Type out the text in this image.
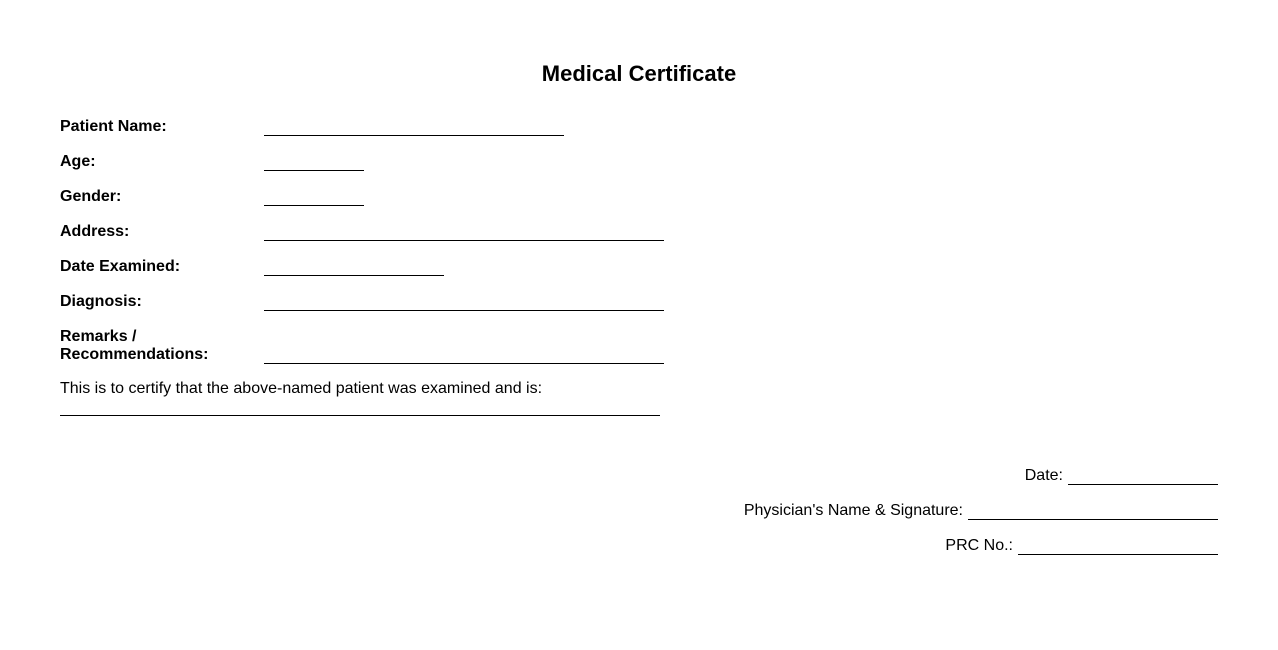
Medical Certificate
Patient Name:
Age:
Gender:
Address:
Date Examined:
Diagnosis:
Remarks /
Recommendations:
This is to certify that the above-named patient was examined and is:
Date:
Physician's Name & Signature:
PRC No.:
